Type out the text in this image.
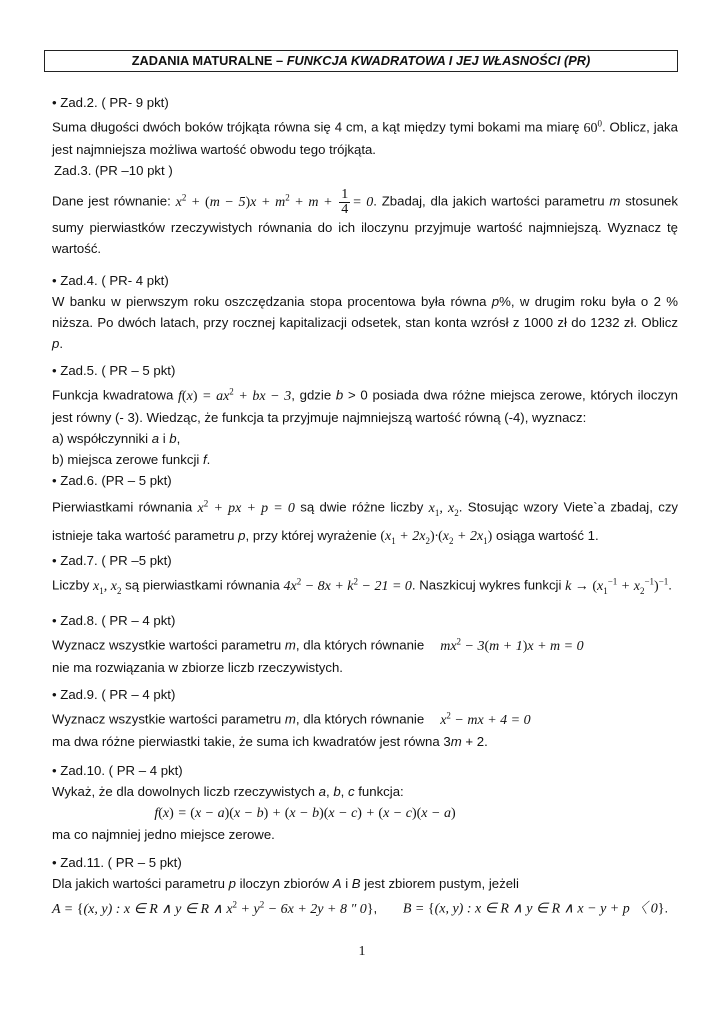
ZADANIA MATURALNE – FUNKCJA KWADRATOWA I JEJ WŁASNOŚCI (PR)
• Zad.2. ( PR- 9 pkt)
Suma długości dwóch boków trójkąta równa się 4 cm, a kąt między tymi bokami ma miarę $60^0$. Oblicz, jaka jest najmniejsza możliwa wartość obwodu tego trójkąta.
Zad.3. (PR –10 pkt )
Dane jest równanie: $x^2 + (m - 5)x + m^2 + m + \frac{1}{4} = 0$. Zbadaj, dla jakich wartości parametru m stosunek sumy pierwiastków rzeczywistych równania do ich iloczynu przyjmuje wartość najmniejszą. Wyznacz tę wartość.
• Zad.4. ( PR- 4 pkt)
W banku w pierwszym roku oszczędzania stopa procentowa była równa p%, w drugim roku była o 2 % niższa. Po dwóch latach, przy rocznej kapitalizacji odsetek, stan konta wzrósł z 1000 zł do 1232 zł. Oblicz p.
• Zad.5. ( PR – 5 pkt)
Funkcja kwadratowa $f(x) = ax^2$ + bx − 3, gdzie b > 0 posiada dwa różne miejsca zerowe, których iloczyn jest równy (- 3). Wiedząc, że funkcja ta przyjmuje najmniejszą wartość równą (-4), wyznacz:
a) współczynniki a i b,
b) miejsca zerowe funkcji f.
• Zad.6. (PR – 5 pkt)
Pierwiastkami równania $x^2$ + px + p = 0 są dwie różne liczby $x_1$, $x_2$. Stosując wzory Viete`a zbadaj, czy istnieje taka wartość parametru p, przy której wyrażenie $(x_1 + 2x_2)\cdot(x_2 + 2x_1)$ osiąga wartość 1.
• Zad.7. ( PR –5 pkt)
Liczby $x_1$, $x_2$ są pierwiastkami równania $4x^2 - 8x + k^2 - 21 = 0$. Naszkicuj wykres funkcji $k \to (x_1^{-1} + x_2^{-1})^{-1}$.
• Zad.8. ( PR – 4 pkt)
Wyznacz wszystkie wartości parametru m, dla których równanie $mx^2 - 3(m + 1)x + m = 0$
nie ma rozwiązania w zbiorze liczb rzeczywistych.
• Zad.9. ( PR – 4 pkt)
Wyznacz wszystkie wartości parametru m, dla których równanie $x^2$ − mx + 4 = 0
ma dwa różne pierwiastki takie, że suma ich kwadratów jest równa 3m + 2.
• Zad.10. ( PR – 4 pkt)
Wykaż, że dla dowolnych liczb rzeczywistych a, b, c funkcja:
f(x) = (x − a)(x − b) + (x − b)(x − c) + (x − c)(x − a)
ma co najmniej jedno miejsce zerowe.
• Zad.11. ( PR – 5 pkt)
Dla jakich wartości parametru p iloczyn zbiorów A i B jest zbiorem pustym, jeżeli
A = {(x, y) : x ∈ R ∧ y ∈ R ∧ $x^2 + y^2 - 6x + 2y + 8$ ″ 0},       B = {(x, y) : x ∈ R ∧ y ∈ R ∧ x − y + p 〈 0}.
1
